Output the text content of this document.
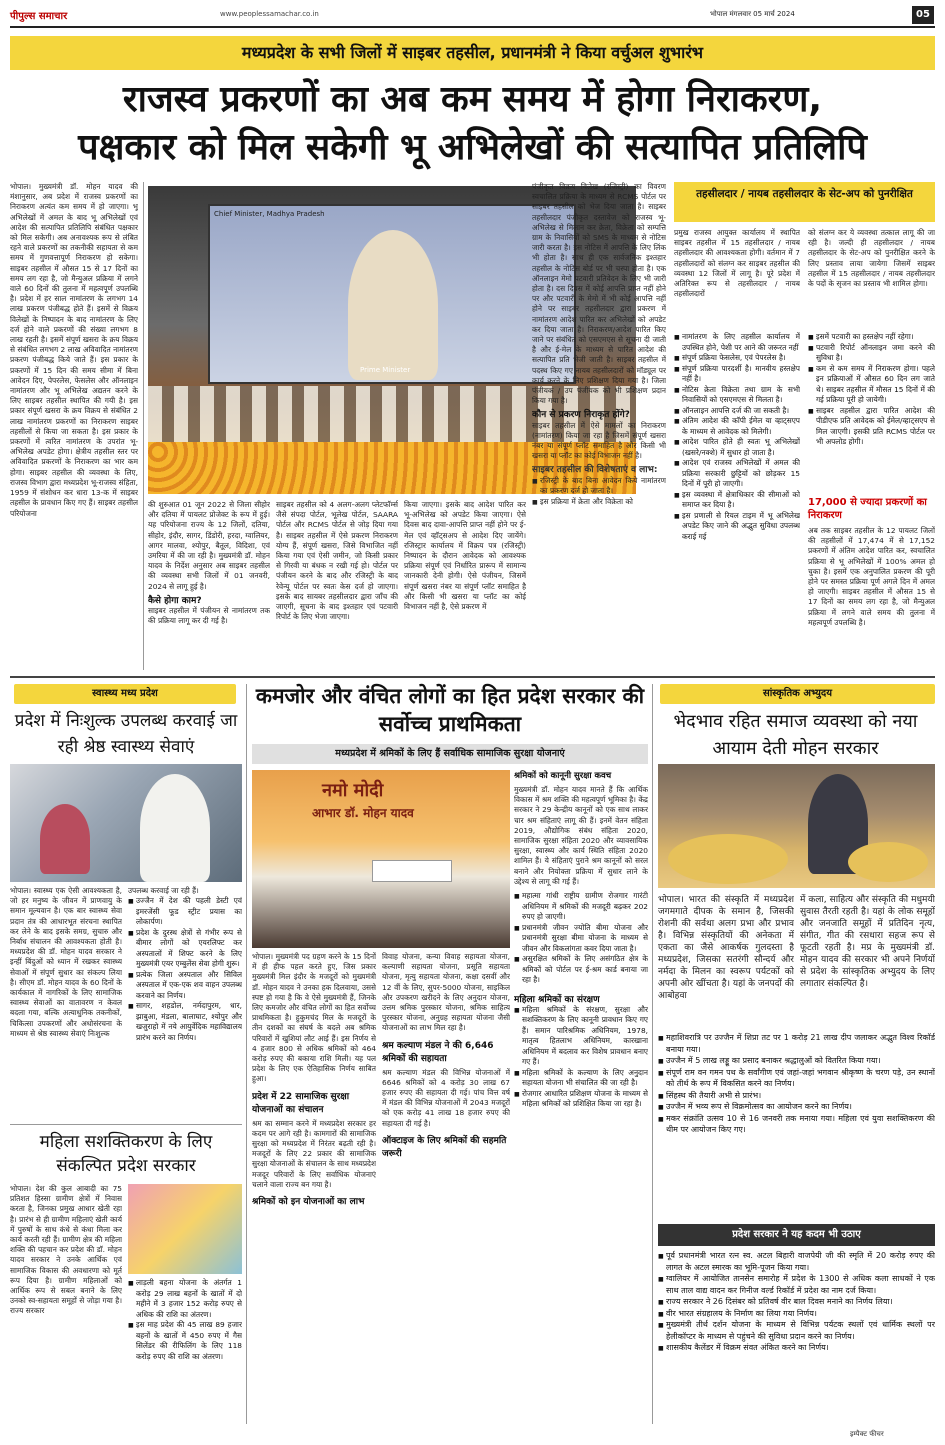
पीपुल्स समाचार	www.peoplessamachar.co.in	भोपाल मंगलवार 05 मार्च 2024	05
मध्यप्रदेश के सभी जिलों में साइबर तहसील, प्रधानमंत्री ने किया वर्चुअल शुभारंभ
राजस्व प्रकरणों का अब कम समय में होगा निराकरण,
पक्षकार को मिल सकेगी भू अभिलेखों की सत्यापित प्रतिलिपि
भोपाल। मुख्यमंत्री डॉ. मोहन यादव की मंशानुसार, अब प्रदेश में राजस्व प्रकरणों का निराकरण अत्यंत कम समय में हो जाएगा। भू अभिलेखों में अमल के बाद भू अभिलेखों एवं आदेश की सत्यापित प्रतिलिपि संबंधित पक्षकार को मिल सकेगी। अब अनावश्यक रूप से लंबित रहने वाले प्रकरणों का तकनीकी सहायता से कम समय में गुणवत्तापूर्ण निराकरण हो सकेगा। साइबर तहसील में औसत 15 से 17 दिनों का समय लग रहा है, जो मैन्युअल प्रक्रिया में लगने वाले 60 दिनों की तुलना में महत्वपूर्ण उपलब्धि है। प्रदेश में हर साल नामांतरण के लगभग 14 लाख प्रकरण पंजीबद्ध होते हैं। इसमें से विक्रय विलेखों के निष्पादन के बाद नामांतरण के लिए दर्ज होने वाले प्रकरणों की संख्या लगभग 8 लाख रहती है। इसमें संपूर्ण खसरा के क्रय विक्रय से संबंधित लगभग 2 लाख अविवादित नामांतरण प्रकरण पंजीबद्ध किये जाते हैं। इस प्रकार के प्रकरणों में 15 दिन की समय सीमा में बिना आवेदन दिए, पेपरलेस, फेसलेस और ऑनलाइन नामांतरण और भू अभिलेख अद्यतन करने के लिए साइबर तहसील स्थापित की गयी है। इस प्रकार संपूर्ण खसरा के क्रय विक्रय से संबंधित 2 लाख नामांतरण प्रकरणों का निराकरण साइबर तहसीलों से किया जा सकता है। इस प्रकार के प्रकरणों में त्वरित नामांतरण के उपरांत भू-अभिलेख अपडेट होगा। क्षेत्रीय तहसील स्तर पर अविवादित प्रकरणों के निराकरण का भार कम होगा। साइबर तहसील की व्यवस्था के लिए, राजस्व विभाग द्वारा मध्यप्रदेश भू-राजस्व संहिता, 1959 में संशोधन कर धारा 13-क में साइबर तहसील के प्रावधान किए गए हैं। साइबर तहसील परियोजना
Chief Minister, Madhya Pradesh
Prime Minister
की शुरुआत 01 जून 2022 से जिला सीहोर और दतिया में पायलट प्रोजेक्ट के रूप में हुई। यह परियोजना राज्य के 12 जिलों, दतिया, सीहोर, इंदौर, सागर, डिंडोरी, हरदा, ग्वालियर, आगर मालवा, श्योपुर, बैतूल, विदिशा, एवं उमरिया में की जा रही है। मुख्यमंत्री डॉ. मोहन यादव के निर्देश अनुसार अब साइबर तहसील की व्यवस्था सभी जिलों में 01 जनवरी, 2024 से लागू हुई है।
कैसे होगा काम?
साइबर तहसील में पंजीयन से नामांतरण तक की प्रक्रिया लागू कर दी गई है।
साइबर तहसील को 4 अलग-अलग प्लेटफॉर्म्स जैसे संपदा पोर्टल, भूलेख पोर्टल, SAARA पोर्टल और RCMS पोर्टल से जोड़ दिया गया है। साइबर तहसील में ऐसे प्रकरण निराकरण योग्य हैं, संपूर्ण खसरा, जिसे विभाजित नहीं किया गया एवं ऐसी जमीन, जो किसी प्रकार से गिरवी या बंधक न रखी गई हो। पोर्टल पर पंजीयन करने के बाद और रजिस्ट्री के बाद रेवेन्यू पोर्टल पर स्वतः केस दर्ज हो जाएगा। इसके बाद सायबर तहसीलदार द्वारा जाँच की जाएगी, सूचना के बाद इश्तहार एवं पटवारी रिपोर्ट के लिए भेजा जाएगा।
किया जाएगा। इसके बाद आदेश पारित कर भू-अभिलेख को अपडेट किया जाएगा। ऐसे दिवस बाद दावा-आपत्ति प्राप्त नहीं होने पर ई-मेल एवं व्हॉट्सअप से आदेश दिए जायेंगे। रजिस्ट्रार कार्यालय में विक्रय पत्र (रजिस्ट्री) निष्पादन के दौरान आवेदक को आवश्यक प्रक्रिया संपूर्ण एवं निर्धारित प्रारूप में सामान्य जानकारी देनी होगी। ऐसे पंजीयन, जिसमें संपूर्ण खसरा नंबर या संपूर्ण प्लॉट समाहित है और किसी भी खसरा या प्लॉट का कोई विभाजन नहीं है, ऐसे प्रकरण में
पंजीकृत विक्रय विलेख (रजिस्ट्री) का विवरण स्वचालित प्रक्रिया के माध्यम से RCMS पोर्टल पर साइबर तहसील को भेज दिया जाता है। साइबर तहसीलदार पंजीकृत दस्तावेज को राजस्व भू-अभिलेख से मिलान कर क्रेता, विक्रेता को सम्पत्ति ग्राम के निवासियों को SMS के माध्यम से नोटिस जारी करता है। इस नोटिस में आपत्ति के लिए लिंक भी होता है। साथ ही एक सार्वजनिक इश्तहार तहसील के नोटिस बोर्ड पर भी चस्पा होता है। एक ऑनलाइन मेमो पटवारी प्रतिवेदन के लिए भी जारी होता है। दस दिवस में कोई आपत्ति प्राप्त नहीं होने पर और पटवारी के मेमो में भी कोई आपत्ति नहीं होने पर साइबर तहसीलदार द्वारा प्रकरण में नामांतरण आदेश पारित कर अभिलेखों को अपडेट कर दिया जाता है। निराकरण/आदेश पारित किए जाने पर संबंधित को एसएमएस से सूचना दी जाती है और ई-मेल के माध्यम से पारित आदेश की सत्यापित प्रति भेजी जाती है। साइबर तहसील में पदस्थ किए गए नायब तहसीलदारों को मॉड्यूल पर कार्य करने के लिए प्रशिक्षण दिया गया है। जिला पंजीयक / उप पंजीयक को भी प्रशिक्षण प्रदान किया गया है।
कौन से प्रकरण निराकृत होंगे?
साइबर तहसील में ऐसे मामलों का निराकरण (नामांतरण) किया जा रहा है जिसमें संपूर्ण खसरा नंबर या संपूर्ण प्लॉट समाहित है और किसी भी खसरा या प्लॉट का कोई विभाजन नहीं है।
साइबर तहसील की विशेषताएं व लाभ:
■ रजिस्ट्री के बाद बिना आवेदन किये नामांतरण का प्रकरण दर्ज हो जाता है।
■ इस प्रक्रिया में क्रेता और विक्रेता को
तहसीलदार / नायब तहसीलदार के सेट-अप को पुनरीक्षित
प्रमुख राजस्व आयुक्त कार्यालय में स्थापित साइबर तहसील में 15 तहसीलदार / नायब तहसीलदार की आवश्यकता होगी। वर्तमान में 7 तहसीलदारों को संलग्न कर साइबर तहसील की व्यवस्था 12 जिलों में लागू है। पूरे प्रदेश में अतिरिक्त रूप से तहसीलदार / नायब तहसीलदारों
को संलग्न कर ये व्यवस्था तत्काल लागू की जा रही है। जल्दी ही तहसीलदार / नायब तहसीलदार के सेट-अप को पुनरीक्षित करने के लिए प्रस्ताव लाया जायेगा जिसमें साइबर तहसील में 15 तहसीलदार / नायब तहसीलदार के पदों के सृजन का प्रस्ताव भी शामिल होगा।
■ नामांतरण के लिए तहसील कार्यालय में उपस्थित होने, पेशी पर आने की जरूरत नहीं
■ संपूर्ण प्रक्रिया फेसलेस, एवं पेपरलेस है।
■ संपूर्ण प्रक्रिया पारदर्शी है। मानवीय हस्तक्षेप नहीं है।
■ नोटिस क्रेता विक्रेता तथा ग्राम के सभी निवासियों को एसएमएस से मिलता है।
■ ऑनलाइन आपत्ति दर्ज की जा सकती है।
■ अंतिम आदेश की कॉपी ईमेल या व्हाट्सएप के माध्यम से आवेदक को मिलेगी।
■ आदेश पारित होते ही स्वतः भू अभिलेखों (खसरे/नक्शे) में सुधार हो जाता है।
■ आदेश एवं राजस्व अभिलेखों में अमल की प्रक्रिया सरकारी छुट्टियों को छोड़कर 15 दिनों में पूरी हो जाएगी।
■ इस व्यवस्था में क्षेत्राधिकार की सीमाओं को समाप्त कर दिया है।
■ इस प्रणाली से रियल टाइम में भू अभिलेख अपडेट किए जाने की अद्भुत सुविधा उपलब्ध कराई गई
■ इसमें पटवारी का हस्तक्षेप नहीं रहेगा।
■ पटवारी रिपोर्ट ऑनलाइन जमा करने की सुविधा है।
■ कम से कम समय में निराकरण होगा। पहले इन प्रक्रियाओं में औसत 60 दिन लग जाते थे। साइबर तहसील में मौसत 15 दिनों में की गई प्रक्रिया पूरी हो जायेगी।
■ साइबर तहसील द्वारा पारित आदेश की पीडीएफ प्रति आवेदक को ईमेल/व्हाट्सएप से मिल जाएगी। इसकी प्रति RCMS पोर्टल पर भी अपलोड होगी।
17,000 से ज्यादा प्रकरणों का निराकरण
अब तक साइबर तहसील के 12 पायलट जिलों की तहसीलों में 17,474 में से 17,152 प्रकरणों में अंतिम आदेश पारित कर, स्वचालित प्रक्रिया से भू अभिलेखों में 100% अमल हो चुका है। इसमें एक अनुपालित प्रकरण की पूरी होने पर समस्त प्रक्रिया पूर्ण अगले दिन में अमल हो जाएगी। साइबर तहसील में औसत 15 से 17 दिनों का समय लग रहा है, जो मैन्युअल प्रक्रिया में लगने वाले समय की तुलना में महत्वपूर्ण उपलब्धि है।
स्वास्थ्य मध्य प्रदेश
प्रदेश में निःशुल्क उपलब्ध करवाई जा रही श्रेष्ठ स्वास्थ्य सेवाएं
भोपाल। स्वास्थ्य एक ऐसी आवश्यकता है, जो हर मनुष्य के जीवन में प्राणवायु के समान मूल्यवान है। एक बार स्वास्थ्य सेवा प्रदान तंत्र की आधारभूत संरचना स्थापित कर लेने के बाद इसके समग्र, सुचारु और निर्बाध संचालन की आवश्यकता होती है। मध्यप्रदेश की डॉ. मोहन यादव सरकार ने इन्हीं बिंदुओं को ध्यान में रखकर स्वास्थ्य सेवाओं में संपूर्ण सुधार का संकल्प लिया है। सीएम डॉ. मोहन यादव के 60 दिनों के कार्यकाल में नागरिकों के लिए सामाजिक स्वास्थ्य सेवाओं का वातावरण न केवल बदला गया, बल्कि अत्याधुनिक तकनीकों, चिकित्सा उपकरणों और अधोसंरचना के माध्यम से श्रेष्ठ स्वास्थ्य सेवाएं निःशुल्क
उपलब्ध करवाई जा रही हैं।
■ उज्जैन में देश की पहली डेस्टी एवं इमरजेंसी फूड स्ट्रीट प्रयास का लोकार्पण।
■ प्रदेश के दुरस्थ क्षेत्रों से गंभीर रूप से बीमार लोगों को एयरलिफ्ट कर अस्पतालों में शिफ्ट करने के लिए मुख्यमंत्री एयर एम्बुलेंस सेवा होगी शुरू।
■ प्रत्येक जिला अस्पताल और सिविल अस्पताल में एक-एक शव वाहन उपलब्ध करवाने का निर्णय।
■ सागर, शहडोल, नर्मदापुरम, धार, झाबुआ, मंडला, बालाघाट, श्योपुर और खजुराहो में नये आयुर्वेदिक महाविद्यालय प्रारंभ करने का निर्णय।
महिला सशक्तिकरण के लिए संकल्पित प्रदेश सरकार
भोपाल। देश की कुल आबादी का 75 प्रतिशत हिस्सा ग्रामीण क्षेत्रों में निवास करता है, जिनका प्रमुख आधार खेती रहा है। प्रारंभ से ही ग्रामीण महिलाएं खेती कार्य में पुरुषों के साथ कंधे से कंधा मिला कर कार्य करती रही हैं। ग्रामीण क्षेत्र की महिला शक्ति की पहचान कर प्रदेश की डॉ. मोहन यादव सरकार ने उनके आर्थिक एवं सामाजिक विकास की अवधारणा को मूर्त रूप दिया है। ग्रामीण महिलाओं को आर्थिक रूप से सबल बनाने के लिए उनको स्व-सहायता समूहों से जोड़ा गया है। राज्य सरकार
■ लाड़ली बहना योजना के अंतर्गत 1 करोड़ 29 लाख बहनों के खातों में दो महीने में 3 हजार 152 करोड़ रुपए से अधिक की राशि का अंतरण।
■ इस माह प्रदेश की 45 लाख 89 हजार बहनों के खातों में 450 रुपए में गैस सिलेंडर की रीफिलिंग के लिए 118 करोड़ रुपए की राशि का अंतरण।
कमजोर और वंचित लोगों का हित प्रदेश सरकार की सर्वोच्च प्राथमिकता
मध्यप्रदेश में श्रमिकों के लिए हैं सर्वाधिक सामाजिक सुरक्षा योजनाएं
नमो मोदी
आभार डॉ. मोहन यादव
श्रमिकों को कानूनी सुरक्षा कवच
मुख्यमंत्री डॉ. मोहन यादव मानते हैं कि आर्थिक विकास में श्रम शक्ति की महत्वपूर्ण भूमिका है। केंद्र सरकार ने 29 केन्द्रीय कानूनों को एक साथ लाकर चार श्रम संहिताएं लागू की हैं। इनमें वेतन संहिता 2019, औद्योगिक संबंध संहिता 2020, सामाजिक सुरक्षा संहिता 2020 और व्यावसायिक सुरक्षा, स्वास्थ्य और कार्य स्थिति संहिता 2020 शामिल हैं। ये संहिताएं पुराने श्रम कानूनों को सरल बनाने और नियोक्ता प्रक्रिया में सुधार लाने के उद्देश्य से लागू की गई हैं।
■ महात्मा गांधी राष्ट्रीय ग्रामीण रोजगार गारंटी अधिनियम में श्रमिकों की मजदूरी बढ़कर 202 रुपए हो जाएगी।
■ प्रधानमंत्री जीवन ज्योति बीमा योजना और प्रधानमंत्री सुरक्षा बीमा योजना के माध्यम से जीवन और विकलांगता कवर दिया जाता है।
■ असुरक्षित श्रमिकों के लिए असंगठित क्षेत्र के श्रमिकों को पोर्टल पर ई-श्रम कार्ड बनाया जा रहा है।
महिला श्रमिकों का संरक्षण
■ महिला श्रमिकों के संरक्षण, सुरक्षा और सशक्तिकरण के लिए कानूनी प्रावधान किए गए हैं। समान पारिश्रमिक अधिनियम, 1978, मातृत्व हितलाभ अधिनियम, कारखाना अधिनियम में बदलाव कर विशेष प्रावधान बनाए गए हैं।
■ महिला श्रमिकों के कल्याण के लिए अनुदान सहायता योजना भी संचालित की जा रही है।
■ रोजगार आधारित प्रशिक्षण योजना के माध्यम से महिला श्रमिकों को प्रशिक्षित किया जा रहा है।
भोपाल। मुख्यमंत्री पद ग्रहण करने के 15 दिनों में ही हीफ पहल करते हुए, जिस प्रकार मुख्यमंत्री मिल इंदौर के मजदूरों को मुख्यमंत्री डॉ. मोहन यादव ने उनका हक दिलवाया, उससे स्पष्ट हो गया है कि वे ऐसे मुख्यमंत्री हैं, जिनके लिए कमजोर और वंचित लोगों का हित सर्वोच्च प्राथमिकता है। हुकुमचंद मिल के मजदूरों के तीन दशकों का संघर्ष के बदले अब श्रमिक परिवारों में खुशियां लौट आई हैं। इस निर्णय से 4 हजार 800 से अधिक श्रमिकों को 464 करोड़ रुपए की बकाया राशि मिली। यह पल प्रदेश के लिए एक ऐतिहासिक निर्णय साबित हुआ।
प्रदेश में 22 सामाजिक सुरक्षा योजनाओं का संचालन
श्रम का सम्मान करने में मध्यप्रदेश सरकार हर कदम पर आगे रही है। कामगारों की सामाजिक सुरक्षा को मध्यप्रदेश में निरंतर बढ़ती रही है। मजदूरों के लिए 22 प्रकार की सामाजिक सुरक्षा योजनाओं के संचालन के साथ मध्यप्रदेश मजदूर परिवारों के लिए सर्वाधिक योजनाएं चलाने वाला राज्य बन गया है।
श्रमिकों को इन योजनाओं का लाभ
विवाह योजना, कन्या विवाह सहायता योजना, कल्याणी सहायता योजना, प्रसूति सहायता योजना, मृत्यु सहायता योजना, कक्षा दसवीं और 12 वीं के लिए, सुपर-5000 योजना, साइकिल और उपकरण खरीदने के लिए अनुदान योजना, उत्तम श्रमिक पुरस्कार योजना, श्रमिक साहित्य पुरस्कार योजना, अनुग्रह सहायता योजना जैसी योजनाओं का लाभ मिल रहा है।
श्रम कल्याण मंडल ने की 6,646 श्रमिकों की सहायता
श्रम कल्याण मंडल की विभिन्न योजनाओं में 6646 श्रमिकों को 4 करोड़ 30 लाख 67 हजार रुपए की सहायता दी गई। पांच वित्त वर्ष में मंडल की विभिन्न योजनाओं में 2043 मजदूरों को एक करोड़ 41 लाख 18 हजार रुपए की सहायता दी गई है।
ऑक्टाइज के लिए श्रमिकों की सहमति जरूरी
सांस्कृतिक अभ्युदय
भेदभाव रहित समाज व्यवस्था को नया आयाम देती मोहन सरकार
भोपाल। भारत की संस्कृति में मध्यप्रदेश जगमगाते दीपक के समान है, जिसकी रोशनी की सर्वथा अलग प्रभा और प्रभाव है। विभिन्न संस्कृतियों की अनेकता में एकता का जैसे आकर्षक गुलदस्ता है मध्यप्रदेश, जिसका सतरंगी सौन्दर्य और नर्मदा के मिलन का स्वरूप पर्यटकों को अपनी ओर खींचता है। यहां के जनपदों की आबोहवा
में कला, साहित्य और संस्कृति की मधुमयी सुवास तैरती रहती है। यहां के लोक समूहों और जनजाति समूहों में प्रतिदिन नृत्य, संगीत, गीत की रसधारा सहज रूप से फूटती रहती है। मप्र के मुख्यमंत्री डॉ. मोहन यादव की सरकार भी अपने निर्णयों से प्रदेश के सांस्कृतिक अभ्युदय के लिए लगातार संकल्पित है।
■ महाशिवरात्रि पर उज्जैन में शिप्रा तट पर 1 करोड़ 21 लाख दीप जलाकर अद्भुत विश्व रिकॉर्ड बनाया गया।
■ उज्जैन में 5 लाख लड्डू का प्रसाद बनाकर श्रद्धालुओं को वितरित किया गया।
■ संपूर्ण राम वन गमन पथ के सर्वांगीण एवं जहां-जहां भगवान श्रीकृष्ण के चरण पड़े, उन स्थानों को तीर्थ के रूप में विकसित करने का निर्णय।
■ सिंहस्थ की तैयारी अभी से प्रारंभ।
■ उज्जैन में भव्य रूप से विक्रमोत्सव का आयोजन करने का निर्णय।
■ मकर संक्रांति उत्सव 10 से 16 जनवरी तक मनाया गया। महिला एवं युवा सशक्तिकरण की थीम पर आयोजन किए गए।
प्रदेश सरकार ने यह कदम भी उठाए
■ पूर्व प्रधानमंत्री भारत रत्न स्व. अटल बिहारी वाजपेयी जी की स्मृति में 20 करोड़ रुपए की लागत के अटल स्मारक का भूमि-पूजन किया गया।
■ ग्वालियर में आयोजित तानसेन समारोह में प्रदेश के 1300 से अधिक कला साधकों ने एक साथ ताल वाद्य वादन कर गिनीज वर्ल्ड रिकॉर्ड में प्रदेश का नाम दर्ज किया।
■ राज्य सरकार ने 26 दिसंबर को प्रतिवर्ष वीर बाल दिवस मनाने का निर्णय लिया।
■ वीर भारत संग्रहालय के निर्माण का लिया गया निर्णय।
■ मुख्यमंत्री तीर्थ दर्शन योजना के माध्यम से विभिन्न पर्यटक स्थलों एवं धार्मिक स्थलों पर हेलीकॉप्टर के माध्यम से पहुंचने की सुविधा प्रदान करने का निर्णय।
■ शासकीय कैलेंडर में विक्रम संवत अंकित करने का निर्णय।
इम्पैक्ट फीचर
